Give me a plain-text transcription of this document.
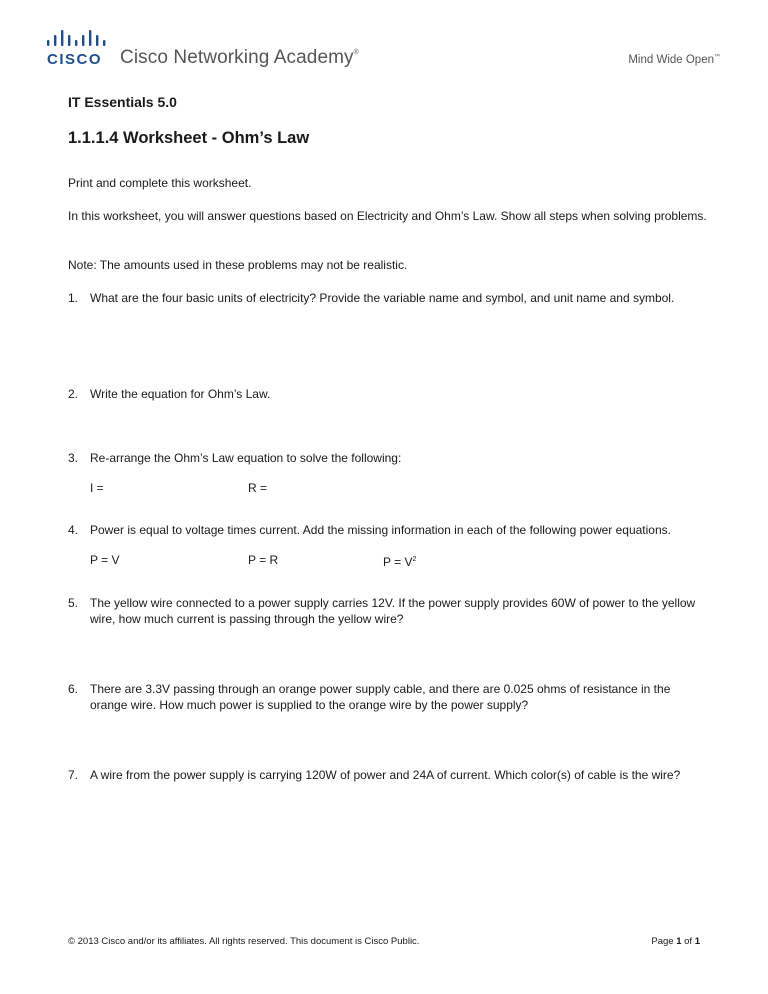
CISCO Cisco Networking Academy®
Mind Wide Open™
IT Essentials 5.0
1.1.1.4 Worksheet - Ohm’s Law

Print and complete this worksheet.

In this worksheet, you will answer questions based on Electricity and Ohm’s Law. Show all steps when solving problems.

Note: The amounts used in these problems may not be realistic.

1. What are the four basic units of electricity? Provide the variable name and symbol, and unit name and symbol.
2. Write the equation for Ohm’s Law.
3. Re-arrange the Ohm’s Law equation to solve the following:
I =	R =
4. Power is equal to voltage times current. Add the missing information in each of the following power equations.
P = V	P = R	$P = V^2$
5. The yellow wire connected to a power supply carries 12V. If the power supply provides 60W of power to the yellow wire, how much current is passing through the yellow wire?
6. There are 3.3V passing through an orange power supply cable, and there are 0.025 ohms of resistance in the orange wire. How much power is supplied to the orange wire by the power supply?
7. A wire from the power supply is carrying 120W of power and 24A of current. Which color(s) of cable is the wire?
© 2013 Cisco and/or its affiliates. All rights reserved. This document is Cisco Public.	Page 1 of 1
